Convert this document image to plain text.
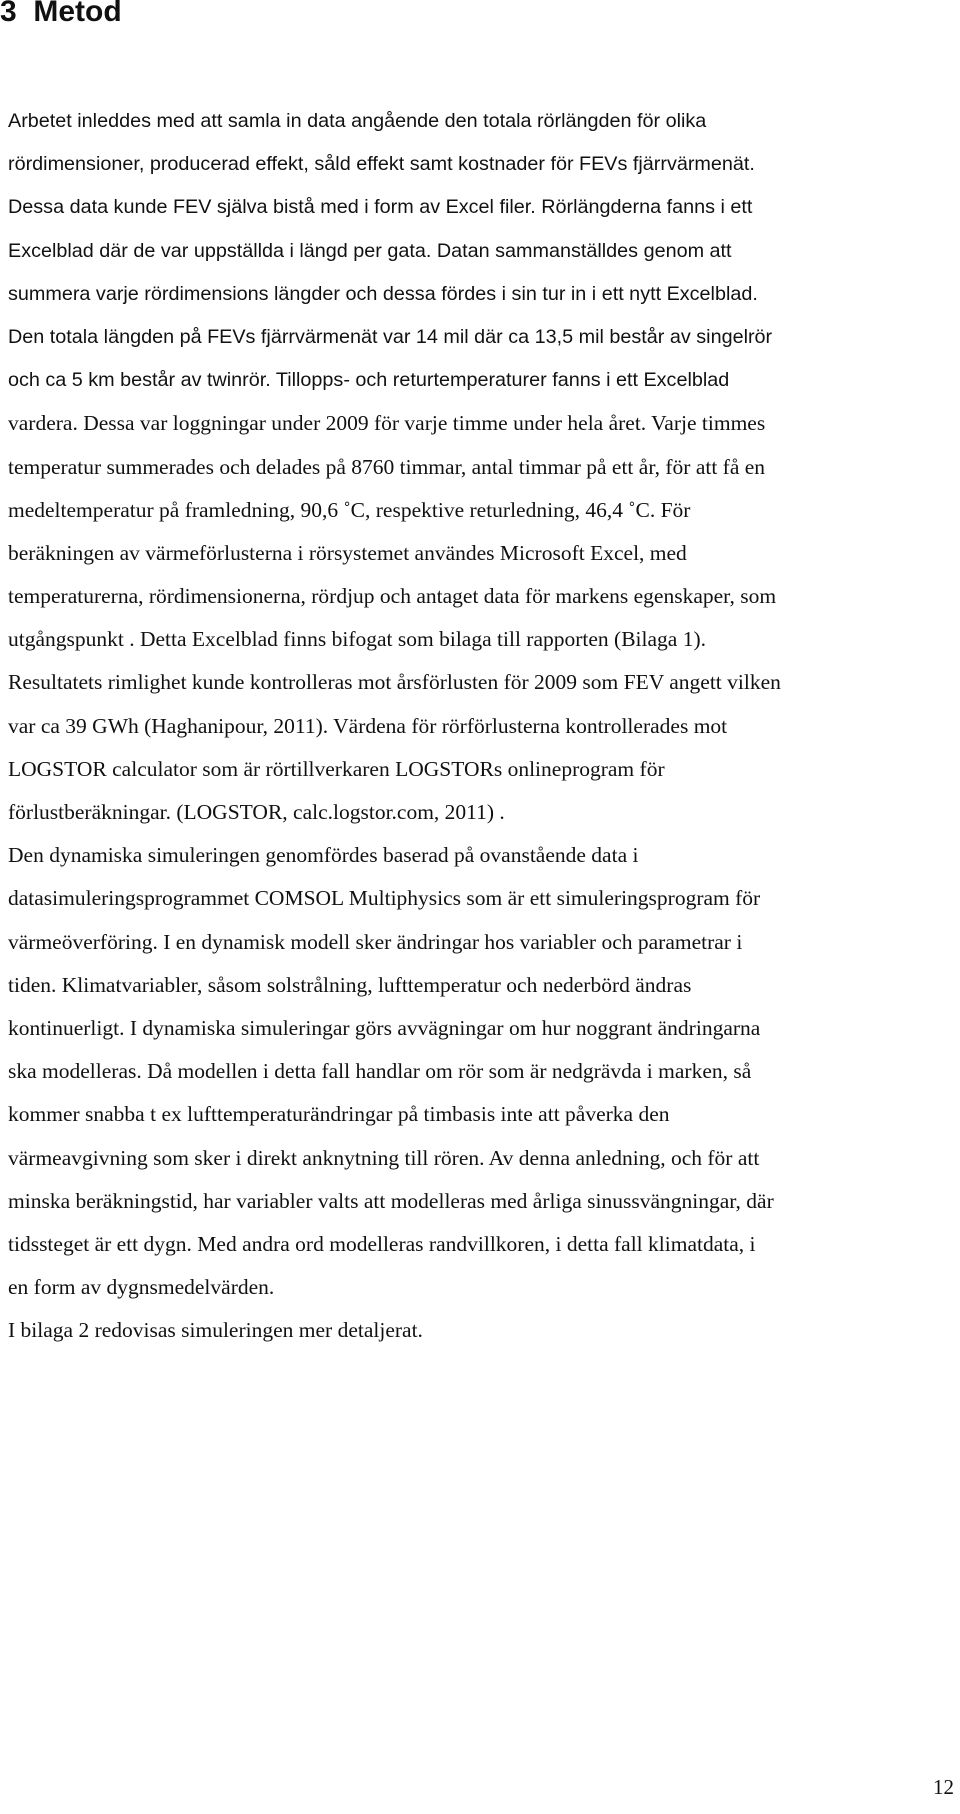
3  Metod
Arbetet inleddes med att samla in data angående den totala rörlängden för olika
rördimensioner, producerad effekt, såld effekt samt kostnader för FEVs fjärrvärmenät.
Dessa data kunde FEV själva bistå med i form av Excel filer. Rörlängderna fanns i ett
Excelblad där de var uppställda i längd per gata. Datan sammanställdes genom att
summera varje rördimensions längder och dessa fördes i sin tur in i ett nytt Excelblad.
Den totala längden på FEVs fjärrvärmenät var 14 mil där ca 13,5 mil består av singelrör
och ca 5 km består av twinrör. Tillopps- och returtemperaturer fanns i ett Excelblad
vardera. Dessa var loggningar under 2009 för varje timme under hela året. Varje timmes
temperatur summerades och delades på 8760 timmar, antal timmar på ett år, för att få en
medeltemperatur på framledning, 90,6 ˚C, respektive returledning, 46,4 ˚C. För
beräkningen av värmeförlusterna i rörsystemet användes Microsoft Excel, med
temperaturerna, rördimensionerna, rördjup och antaget data för markens egenskaper, som
utgångspunkt . Detta Excelblad finns bifogat som bilaga till rapporten (Bilaga 1).
Resultatets rimlighet kunde kontrolleras mot årsförlusten för 2009 som FEV angett vilken
var ca 39 GWh (Haghanipour, 2011). Värdena för rörförlusterna kontrollerades mot
LOGSTOR calculator som är rörtillverkaren LOGSTORs onlineprogram för
förlustberäkningar. (LOGSTOR, calc.logstor.com, 2011) .
Den dynamiska simuleringen genomfördes baserad på ovanstående data i
datasimuleringsprogrammet COMSOL Multiphysics som är ett simuleringsprogram för
värmeöverföring. I en dynamisk modell sker ändringar hos variabler och parametrar i
tiden. Klimatvariabler, såsom solstrålning, lufttemperatur och nederbörd ändras
kontinuerligt. I dynamiska simuleringar görs avvägningar om hur noggrant ändringarna
ska modelleras. Då modellen i detta fall handlar om rör som är nedgrävda i marken, så
kommer snabba t ex lufttemperaturändringar på timbasis inte att påverka den
värmeavgivning som sker i direkt anknytning till rören. Av denna anledning, och för att
minska beräkningstid, har variabler valts att modelleras med årliga sinussvängningar, där
tidssteget är ett dygn. Med andra ord modelleras randvillkoren, i detta fall klimatdata, i
en form av dygnsmedelvärden.
I bilaga 2 redovisas simuleringen mer detaljerat.
12
